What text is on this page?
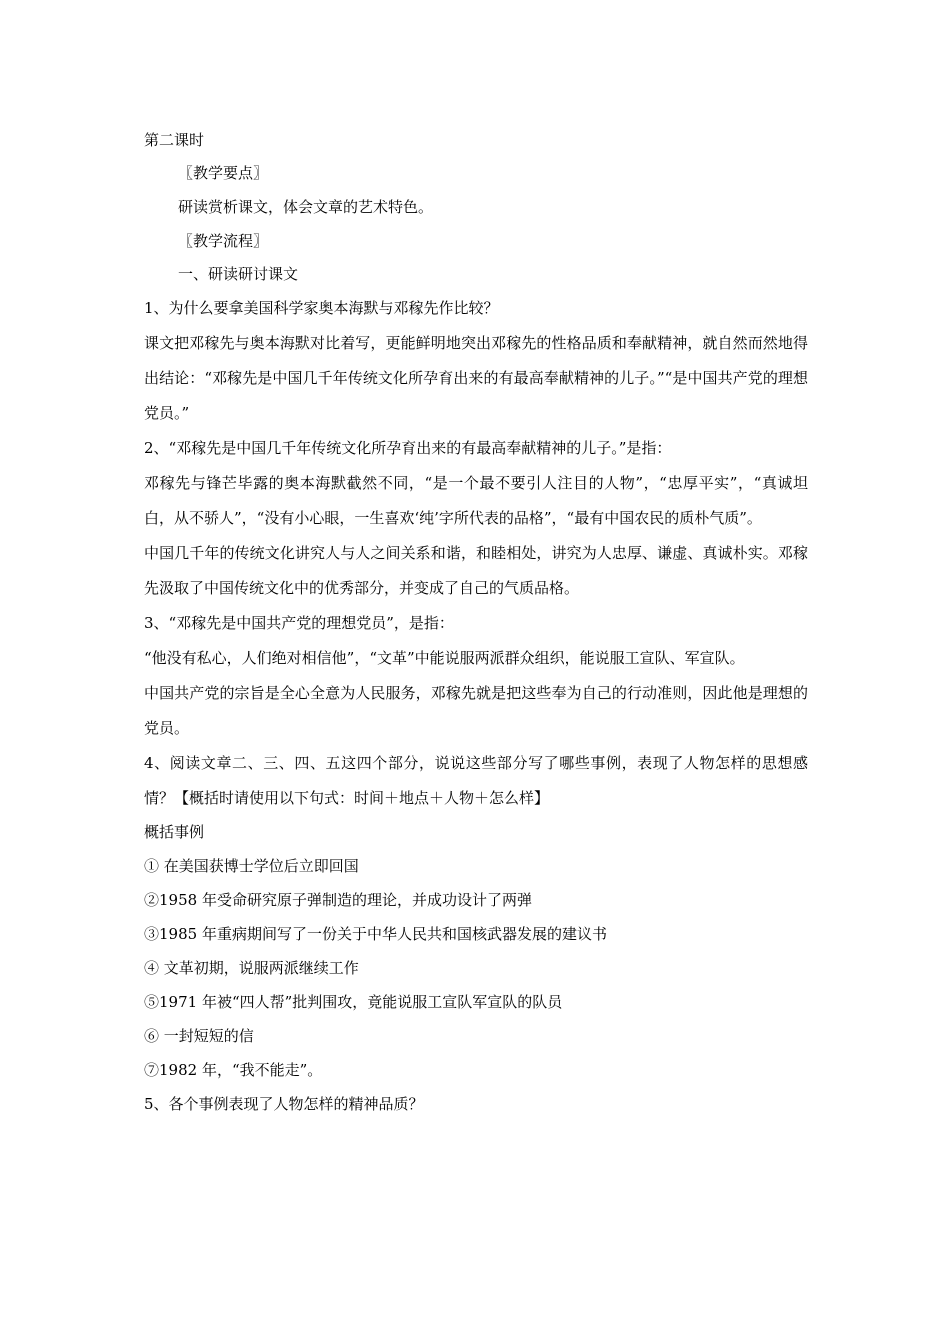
第二课时

〖教学要点〗

研读赏析课文，体会文章的艺术特色。

〖教学流程〗

一、研读研讨课文

1、为什么要拿美国科学家奥本海默与邓稼先作比较？

课文把邓稼先与奥本海默对比着写，更能鲜明地突出邓稼先的性格品质和奉献精神，就自然而然地得出结论：“邓稼先是中国几千年传统文化所孕育出来的有最高奉献精神的儿子。”“是中国共产党的理想党员。”

2、“邓稼先是中国几千年传统文化所孕育出来的有最高奉献精神的儿子。”是指：

邓稼先与锋芒毕露的奥本海默截然不同，“是一个最不要引人注目的人物”，“忠厚平实”，“真诚坦白，从不骄人”，“没有小心眼，一生喜欢‘纯’字所代表的品格”，“最有中国农民的质朴气质”。

中国几千年的传统文化讲究人与人之间关系和谐，和睦相处，讲究为人忠厚、谦虚、真诚朴实。邓稼先汲取了中国传统文化中的优秀部分，并变成了自己的气质品格。

3、“邓稼先是中国共产党的理想党员”，是指：

“他没有私心，人们绝对相信他”，“文革”中能说服两派群众组织，能说服工宣队、军宣队。

中国共产党的宗旨是全心全意为人民服务，邓稼先就是把这些奉为自己的行动准则，因此他是理想的党员。

4、阅读文章二、三、四、五这四个部分，说说这些部分写了哪些事例，表现了人物怎样的思想感情？【概括时请使用以下句式：时间＋地点＋人物＋怎么样】

概括事例

① 在美国获博士学位后立即回国

②1958 年受命研究原子弹制造的理论，并成功设计了两弹

③1985 年重病期间写了一份关于中华人民共和国核武器发展的建议书

④ 文革初期，说服两派继续工作

⑤1971 年被“四人帮”批判围攻，竟能说服工宣队军宣队的队员

⑥ 一封短短的信

⑦1982 年，“我不能走”。

5、各个事例表现了人物怎样的精神品质？
